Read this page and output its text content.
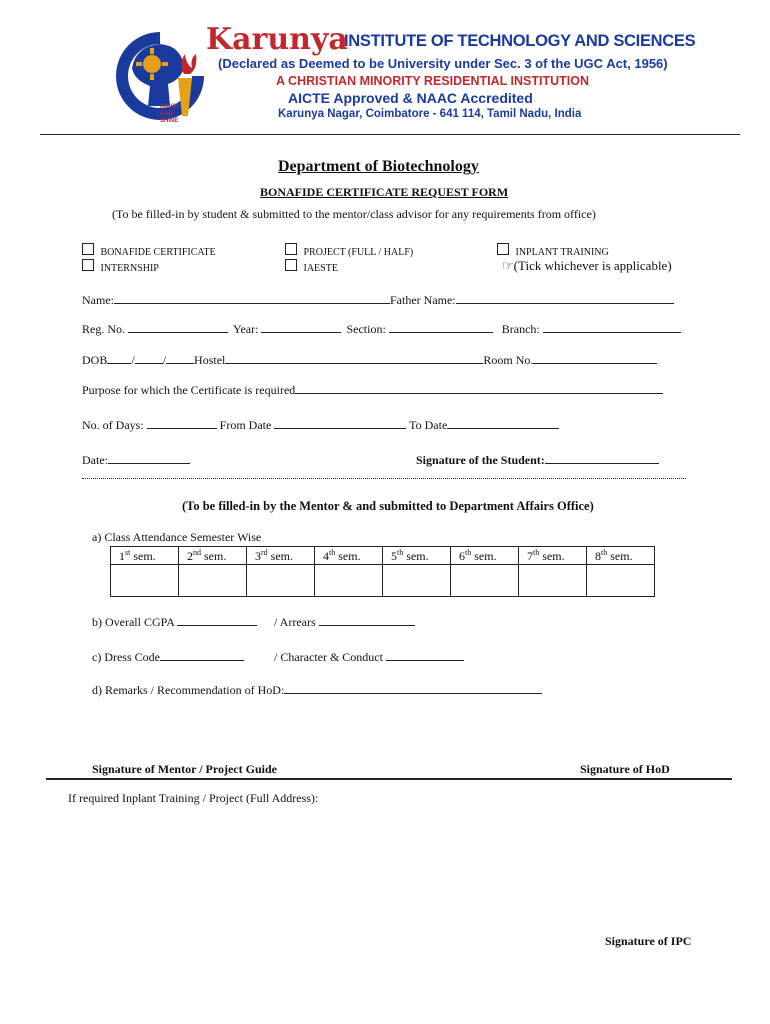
ARISE AND SHINE
Karunya
INSTITUTE OF TECHNOLOGY AND SCIENCES
(Declared as Deemed to be University under Sec. 3 of the UGC Act, 1956)
A CHRISTIAN MINORITY RESIDENTIAL INSTITUTION
AICTE Approved & NAAC Accredited
Karunya Nagar, Coimbatore - 641 114, Tamil Nadu, India
Department of Biotechnology
BONAFIDE CERTIFICATE REQUEST FORM
(To be filled-in by student & submitted to the mentor/class advisor for any requirements from office)
BONAFIDE CERTIFICATE
INTERNSHIP
PROJECT (FULL / HALF)
IAESTE
INPLANT TRAINING
☞(Tick whichever is applicable)
Name:	Father Name:
Reg. No.	Year:	Section:	Branch:
DOB / / Hostel	Room No.
Purpose for which the Certificate is required
No. of Days:	From Date	To Date
Date:	Signature of the Student:
(To be filled-in by the Mentor & and submitted to Department Affairs Office)
a) Class Attendance Semester Wise
1st sem.	2nd sem.	3rd sem.	4th sem.	5th sem.	6th sem.	7th sem.	8th sem.

b) Overall CGPA	/ Arrears
c) Dress Code	/ Character & Conduct
d) Remarks / Recommendation of HoD:
Signature of Mentor / Project Guide	Signature of HoD
If required Inplant Training / Project (Full Address):
Signature of IPC
